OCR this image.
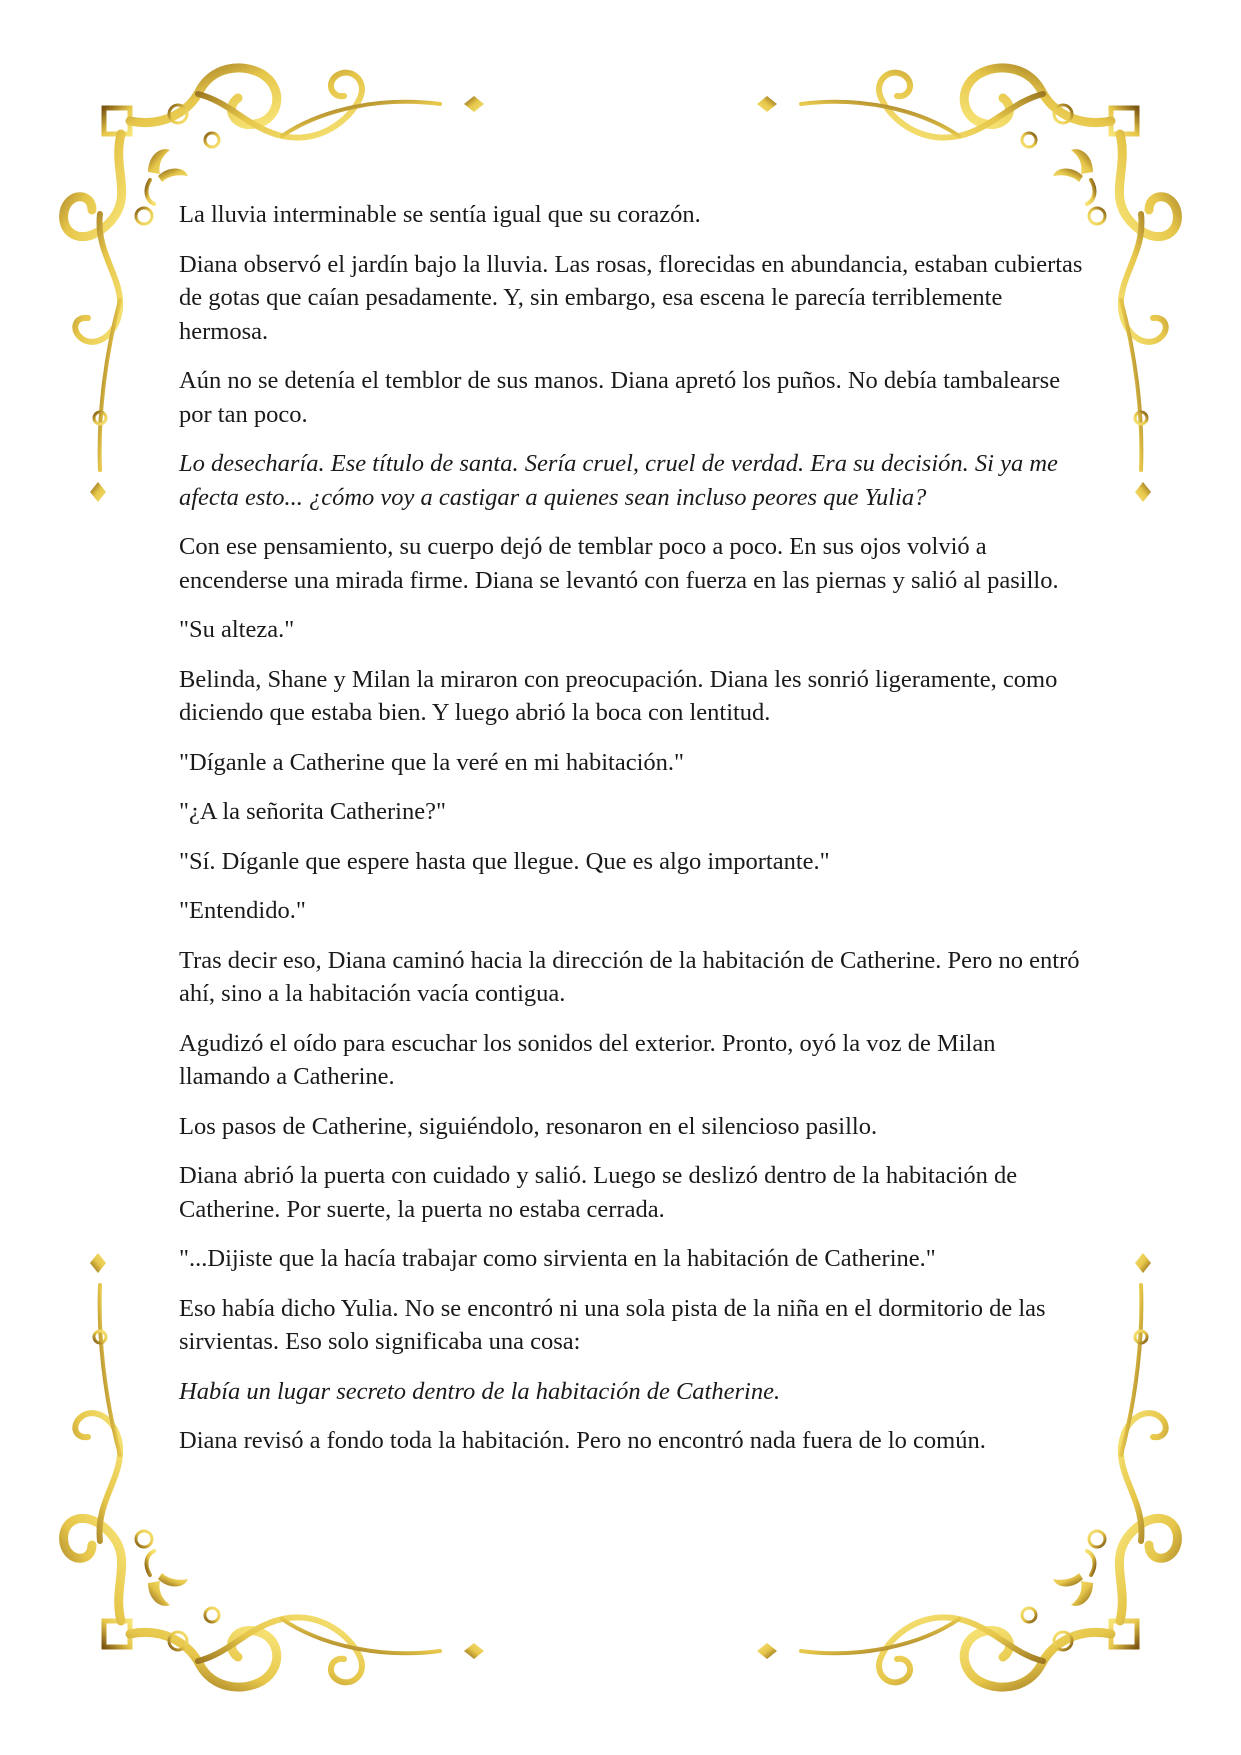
La lluvia interminable se sentía igual que su corazón.

Diana observó el jardín bajo la lluvia. Las rosas, florecidas en abundancia, estaban cubiertas de gotas que caían pesadamente. Y, sin embargo, esa escena le parecía terriblemente hermosa.

Aún no se detenía el temblor de sus manos. Diana apretó los puños. No debía tambalearse por tan poco.

Lo desecharía. Ese título de santa. Sería cruel, cruel de verdad. Era su decisión. Si ya me afecta esto... ¿cómo voy a castigar a quienes sean incluso peores que Yulia?

Con ese pensamiento, su cuerpo dejó de temblar poco a poco. En sus ojos volvió a encenderse una mirada firme. Diana se levantó con fuerza en las piernas y salió al pasillo.

"Su alteza."

Belinda, Shane y Milan la miraron con preocupación. Diana les sonrió ligeramente, como diciendo que estaba bien. Y luego abrió la boca con lentitud.

"Díganle a Catherine que la veré en mi habitación."

"¿A la señorita Catherine?"

"Sí. Díganle que espere hasta que llegue. Que es algo importante."

"Entendido."

Tras decir eso, Diana caminó hacia la dirección de la habitación de Catherine. Pero no entró ahí, sino a la habitación vacía contigua.

Agudizó el oído para escuchar los sonidos del exterior. Pronto, oyó la voz de Milan llamando a Catherine.

Los pasos de Catherine, siguiéndolo, resonaron en el silencioso pasillo.

Diana abrió la puerta con cuidado y salió. Luego se deslizó dentro de la habitación de Catherine. Por suerte, la puerta no estaba cerrada.

"...Dijiste que la hacía trabajar como sirvienta en la habitación de Catherine."

Eso había dicho Yulia. No se encontró ni una sola pista de la niña en el dormitorio de las sirvientas. Eso solo significaba una cosa:

Había un lugar secreto dentro de la habitación de Catherine.

Diana revisó a fondo toda la habitación. Pero no encontró nada fuera de lo común.
